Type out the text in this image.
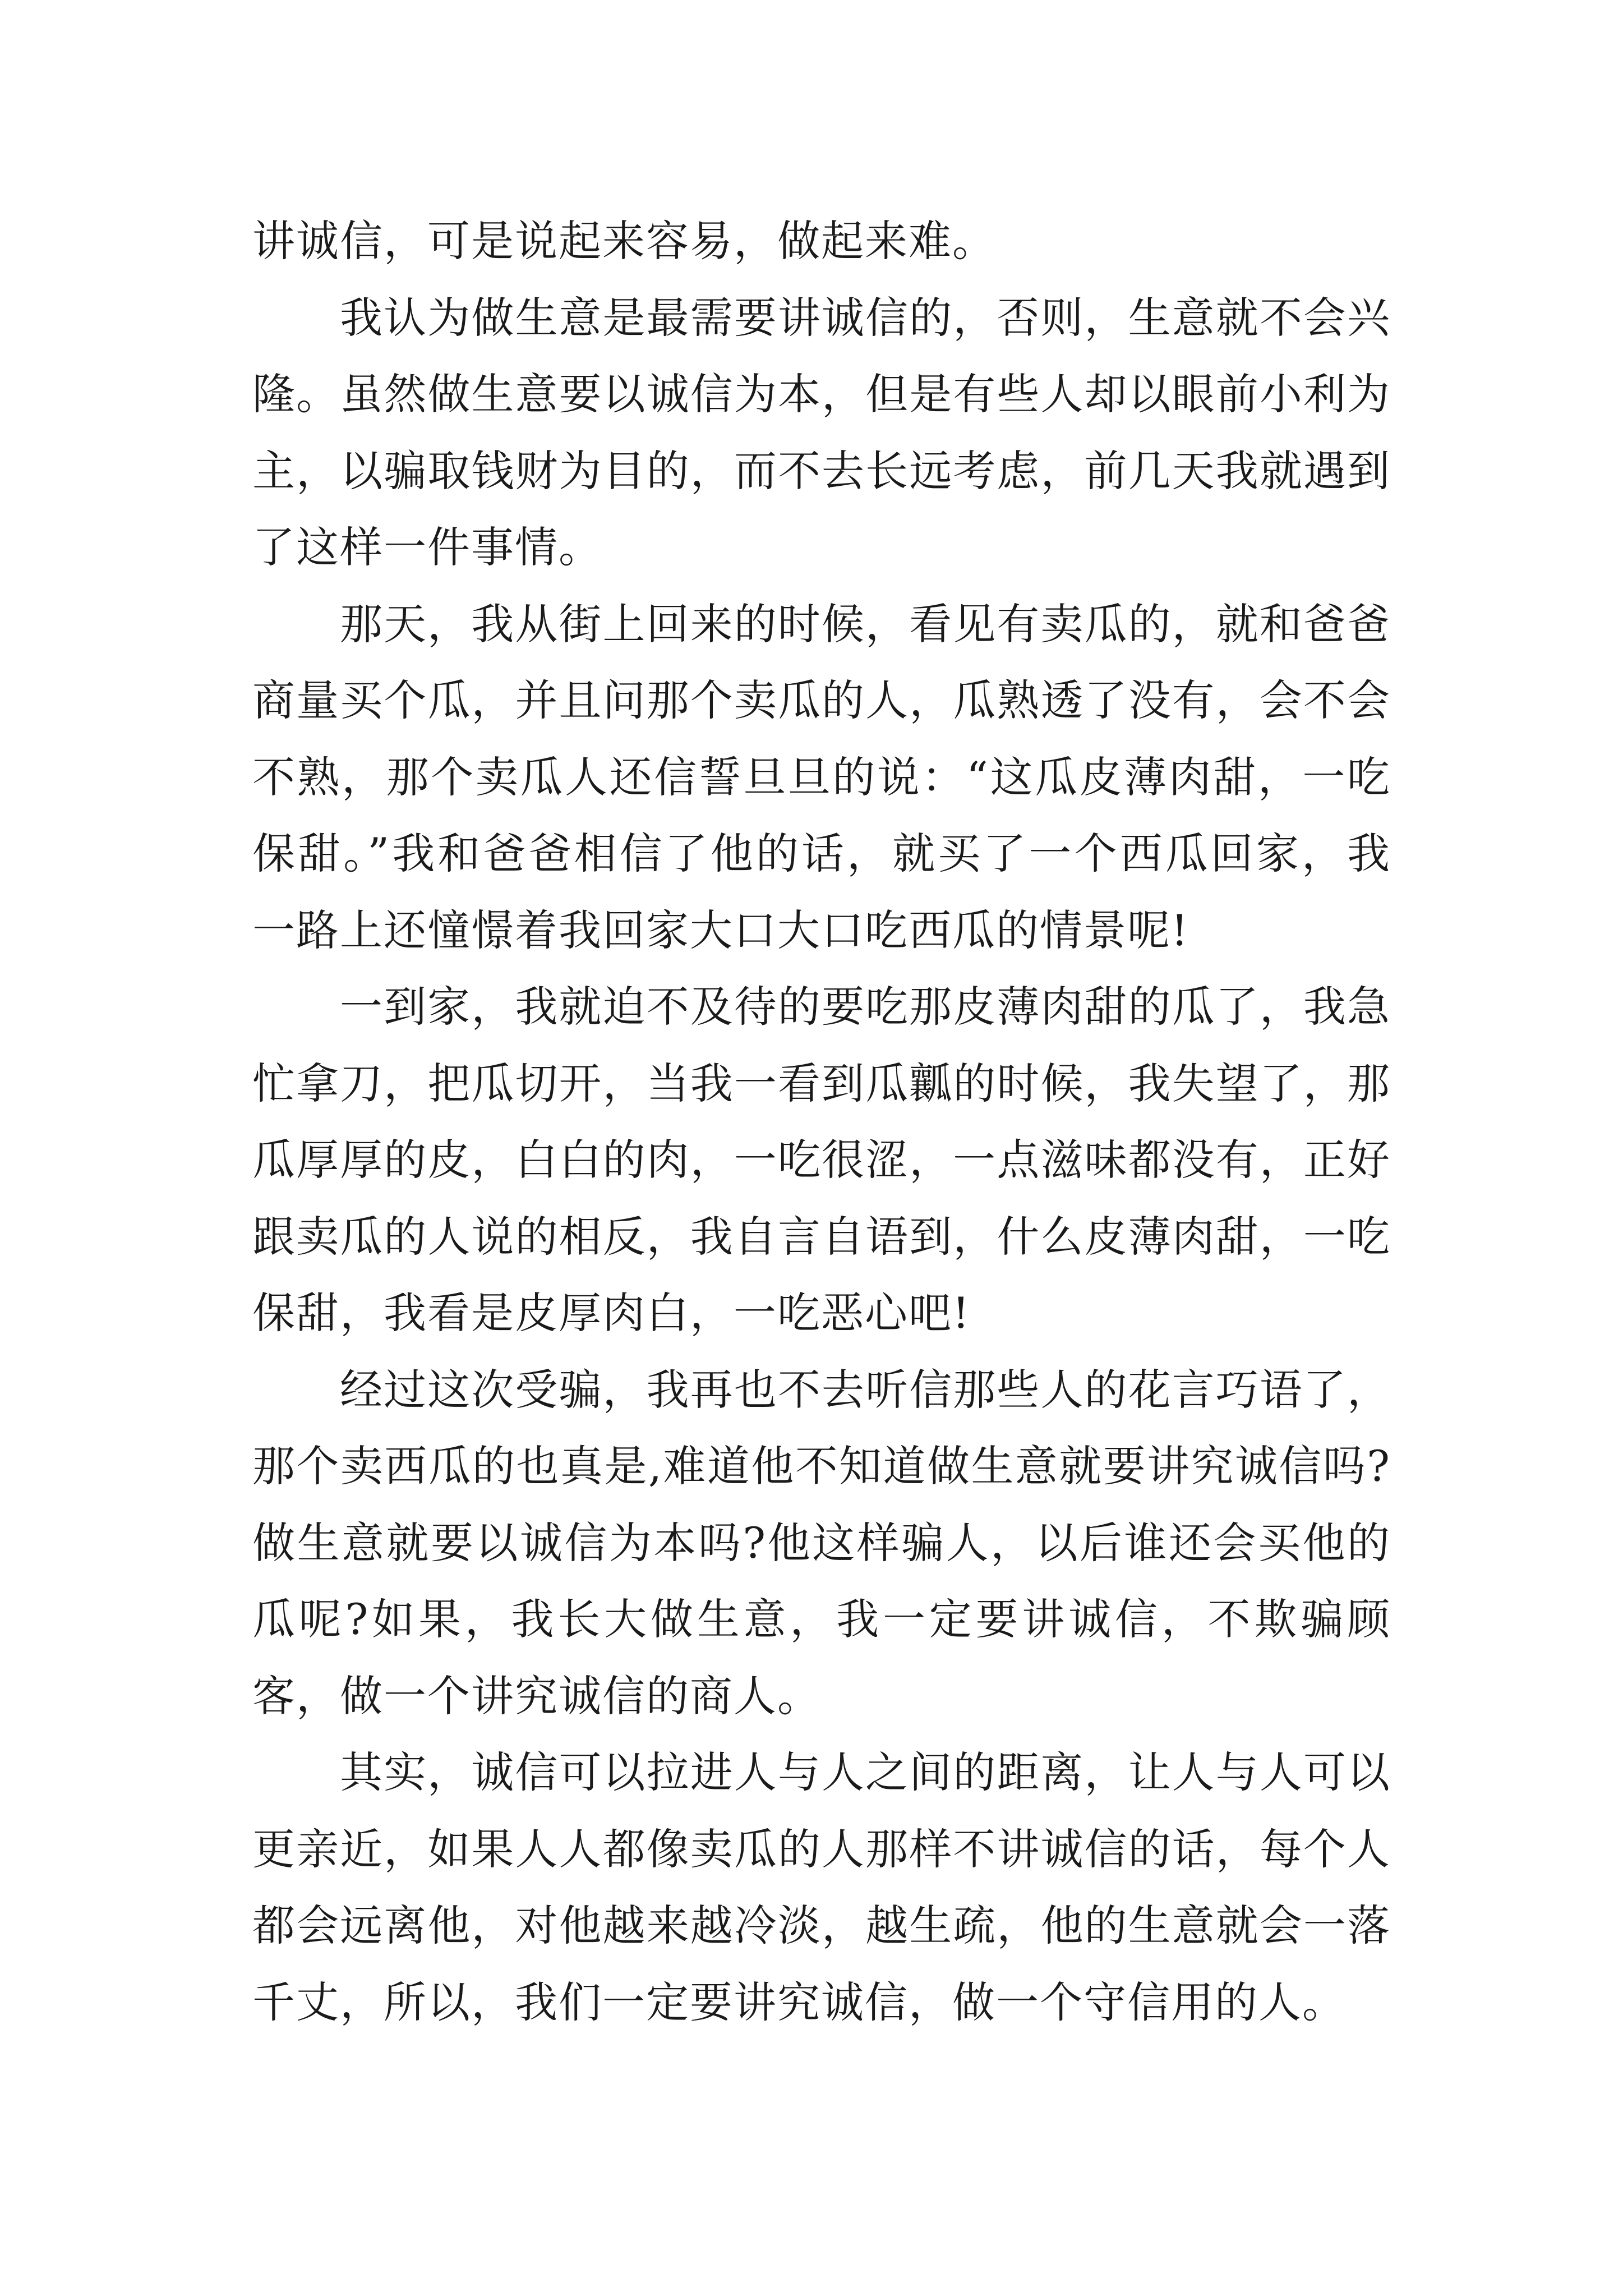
讲诚信，可是说起来容易，做起来难。

我认为做生意是最需要讲诚信的，否则，生意就不会兴隆。虽然做生意要以诚信为本，但是有些人却以眼前小利为主，以骗取钱财为目的，而不去长远考虑，前几天我就遇到了这样一件事情。

那天，我从街上回来的时候，看见有卖瓜的，就和爸爸商量买个瓜，并且问那个卖瓜的人，瓜熟透了没有，会不会不熟，那个卖瓜人还信誓旦旦的说：“这瓜皮薄肉甜，一吃保甜。”我和爸爸相信了他的话，就买了一个西瓜回家，我一路上还憧憬着我回家大口大口吃西瓜的情景呢!

一到家，我就迫不及待的要吃那皮薄肉甜的瓜了，我急忙拿刀，把瓜切开，当我一看到瓜瓤的时候，我失望了，那瓜厚厚的皮，白白的肉，一吃很涩，一点滋味都没有，正好跟卖瓜的人说的相反，我自言自语到，什么皮薄肉甜，一吃保甜，我看是皮厚肉白，一吃恶心吧!

经过这次受骗，我再也不去听信那些人的花言巧语了，那个卖西瓜的也真是,难道他不知道做生意就要讲究诚信吗?做生意就要以诚信为本吗?他这样骗人，以后谁还会买他的瓜呢?如果，我长大做生意，我一定要讲诚信，不欺骗顾客，做一个讲究诚信的商人。

其实，诚信可以拉进人与人之间的距离，让人与人可以更亲近，如果人人都像卖瓜的人那样不讲诚信的话，每个人都会远离他，对他越来越冷淡，越生疏，他的生意就会一落千丈，所以，我们一定要讲究诚信，做一个守信用的人。
